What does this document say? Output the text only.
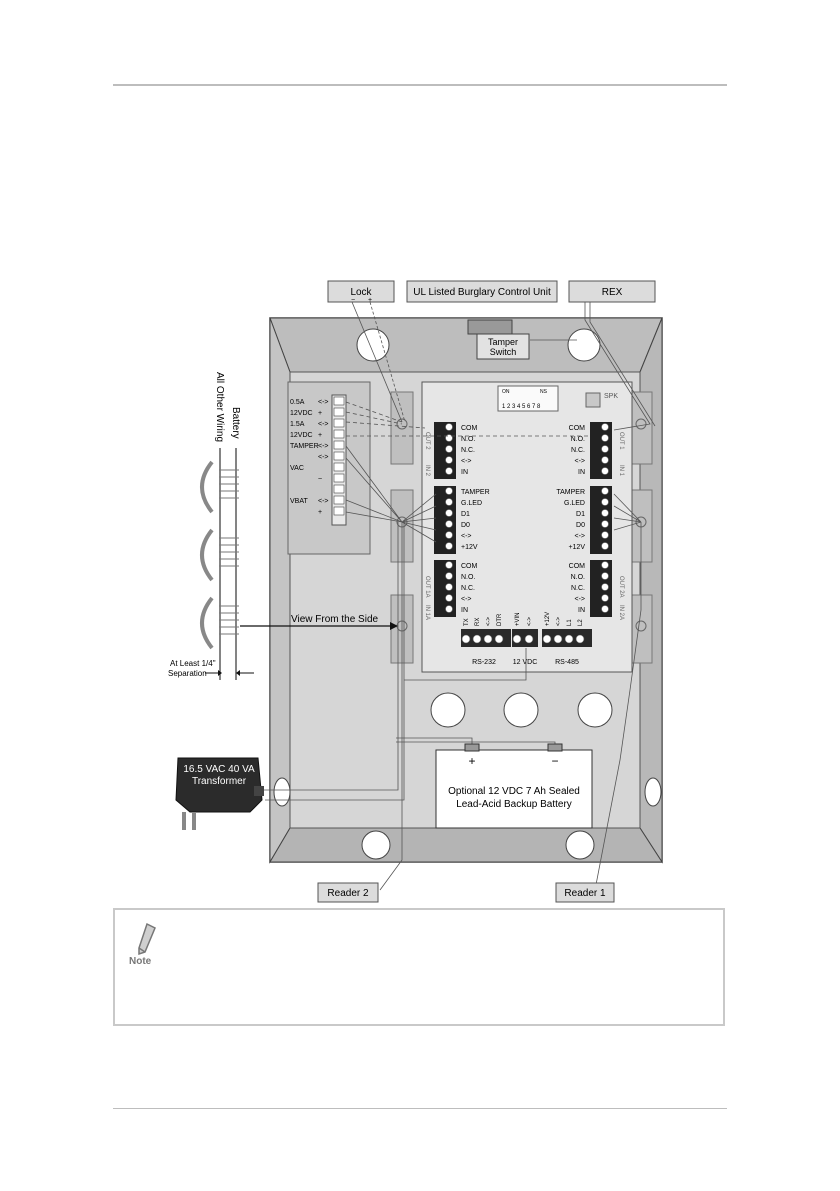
Lock
− +
UL Listed Burglary Control Unit	REX
Tamper
Switch
0.5A <->
12VDC +
1.5A <->
12VDC +
TAMPER <->
<->
VAC
~
VBAT <->
+
ON	NS
1 2 3 4 5 6 7 8
SPK
COM
N.O.
N.C.
<->
IN
COM
N.O.
N.C.
<->
IN
TAMPER
G.LED
D1
D0
<->
+12V
TAMPER
G.LED
D1
D0
<->
+12V
COM
N.O.
N.C.
<->
IN
COM
N.O.
N.C.
<->
IN
OUT 2
IN 2
OUT 1A
IN 1A
OUT 1
IN 1
OUT 2A
IN 2A
RS-232 12 VDC	RS-485
TX RX <-> DTR +VIN <-> +12V <-> L1 L2
All Other Wiring Battery
View From the Side
At Least 1/4"
Separation
+	−
Optional 12 VDC 7 Ah Sealed
Lead-Acid Backup Battery
16.5 VAC 40 VA
Transformer
Reader 2	Reader 1
Note
